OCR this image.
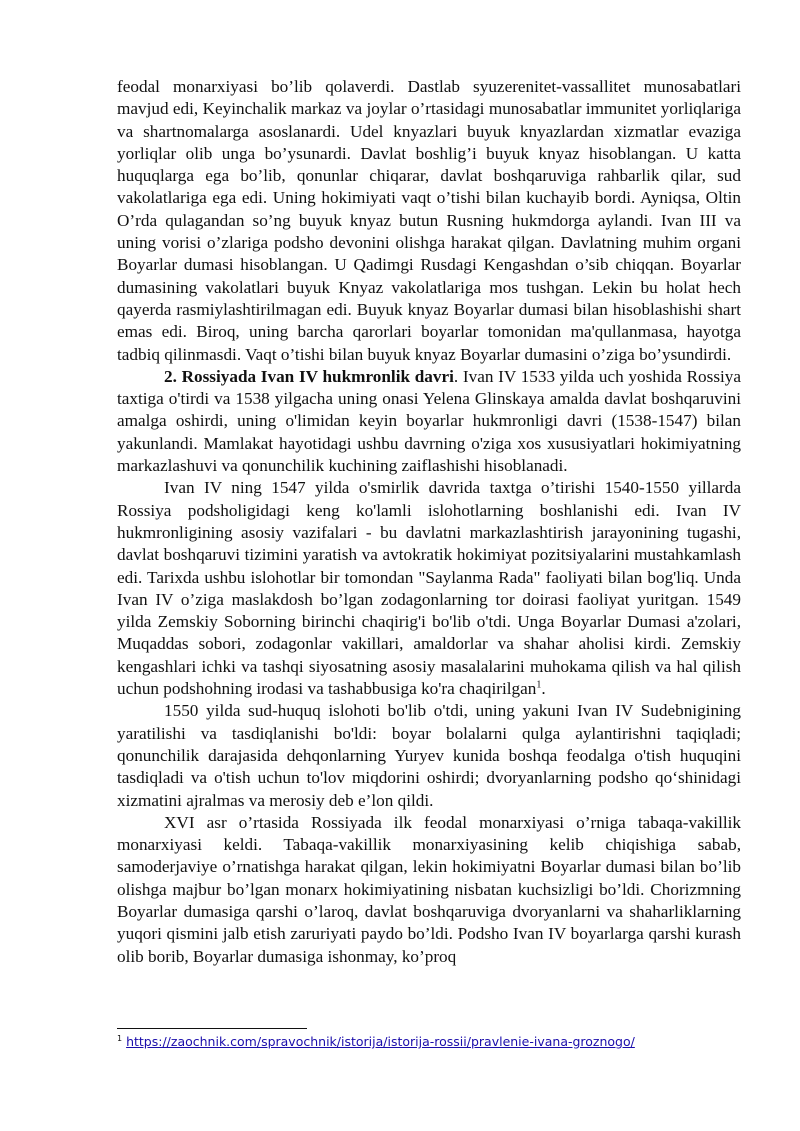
feodal monarxiyasi bo’lib qolaverdi. Dastlab syuzerenitet-vassallitet munosabatlari mavjud edi, Keyinchalik markaz va joylar o’rtasidagi munosabatlar immunitet yorliqlariga va shartnomalarga asoslanardi. Udel knyazlari buyuk knyazlardan xizmatlar evaziga yorliqlar olib unga bo’ysunardi. Davlat boshlig’i buyuk knyaz hisoblangan. U katta huquqlarga ega bo’lib, qonunlar chiqarar, davlat boshqaruviga rahbarlik qilar, sud vakolatlariga ega edi. Uning hokimiyati vaqt o’tishi bilan kuchayib bordi. Ayniqsa, Oltin O’rda qulagandan so’ng buyuk knyaz butun Rusning hukmdorga aylandi. Ivan III va uning vorisi o’zlariga podsho devonini olishga harakat qilgan. Davlatning muhim organi Boyarlar dumasi hisoblangan. U Qadimgi Rusdagi Kengashdan o’sib chiqqan. Boyarlar dumasining vakolatlari buyuk Knyaz vakolatlariga mos tushgan. Lekin bu holat hech qayerda rasmiylashtirilmagan edi. Buyuk knyaz Boyarlar dumasi bilan hisoblashishi shart emas edi. Biroq, uning barcha qarorlari boyarlar tomonidan ma'qullanmasa, hayotga tadbiq qilinmasdi. Vaqt o’tishi bilan buyuk knyaz Boyarlar dumasini o’ziga bo’ysundirdi.

2. Rossiyada Ivan IV hukmronlik davri. Ivan IV 1533 yilda uch yoshida Rossiya taxtiga o'tirdi va 1538 yilgacha uning onasi Yelena Glinskaya amalda davlat boshqaruvini amalga oshirdi, uning o'limidan keyin boyarlar hukmronligi davri (1538-1547) bilan yakunlandi. Mamlakat hayotidagi ushbu davrning o'ziga xos xususiyatlari hokimiyatning markazlashuvi va qonunchilik kuchining zaiflashishi hisoblanadi.

Ivan IV ning 1547 yilda o'smirlik davrida taxtga o’tirishi 1540-1550 yillarda Rossiya podsholigidagi keng ko'lamli islohotlarning boshlanishi edi. Ivan IV hukmronligining asosiy vazifalari - bu davlatni markazlashtirish jarayonining tugashi, davlat boshqaruvi tizimini yaratish va avtokratik hokimiyat pozitsiyalarini mustahkamlash edi. Tarixda ushbu islohotlar bir tomondan "Saylanma Rada" faoliyati bilan bog'liq. Unda Ivan IV o’ziga maslakdosh bo’lgan zodagonlarning tor doirasi faoliyat yuritgan. 1549 yilda Zemskiy Soborning birinchi chaqirig'i bo'lib o'tdi. Unga Boyarlar Dumasi a'zolari, Muqaddas sobori, zodagonlar vakillari, amaldorlar va shahar aholisi kirdi. Zemskiy kengashlari ichki va tashqi siyosatning asosiy masalalarini muhokama qilish va hal qilish uchun podshohning irodasi va tashabbusiga ko'ra chaqirilgan$^1$.

1550 yilda sud-huquq islohoti bo'lib o'tdi, uning yakuni Ivan IV Sudebnigining yaratilishi va tasdiqlanishi bo'ldi: boyar bolalarni qulga aylantirishni taqiqladi; qonunchilik darajasida dehqonlarning Yuryev kunida boshqa feodalga o'tish huquqini tasdiqladi va o'tish uchun to'lov miqdorini oshirdi; dvoryanlarning podsho qo‘shinidagi xizmatini ajralmas va merosiy deb e’lon qildi.

XVI asr o’rtasida Rossiyada ilk feodal monarxiyasi o’rniga tabaqa-vakillik monarxiyasi keldi. Tabaqa-vakillik monarxiyasining kelib chiqishiga sabab, samoderjaviye o’rnatishga harakat qilgan, lekin hokimiyatni Boyarlar dumasi bilan bo’lib olishga majbur bo’lgan monarx hokimiyatining nisbatan kuchsizligi bo’ldi. Chorizmning Boyarlar dumasiga qarshi o’laroq, davlat boshqaruviga dvoryanlarni va shaharliklarning yuqori qismini jalb etish zaruriyati paydo bo’ldi. Podsho Ivan IV boyarlarga qarshi kurash olib borib, Boyarlar dumasiga ishonmay, ko’proq

$^1$ https://zaochnik.com/spravochnik/istorija/istorija-rossii/pravlenie-ivana-groznogo/
